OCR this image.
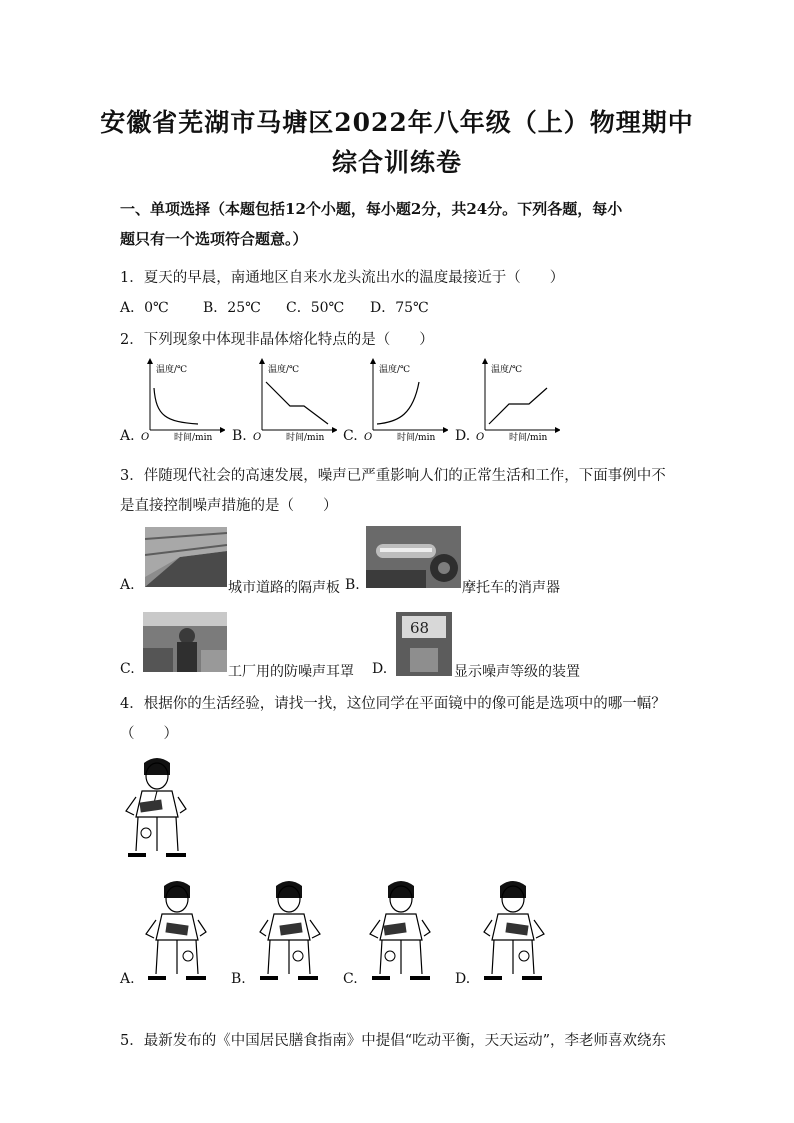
安徽省芜湖市马塘区2022年八年级（上）物理期中
综合训练卷
一、单项选择（本题包括12个小题，每小题2分，共24分。下列各题，每小
题只有一个选项符合题意。）
1．夏天的早晨，南通地区自来水龙头流出水的温度最接近于（　　）
A．0℃ B．25℃ C．50℃ D．75℃
2．下列现象中体现非晶体熔化特点的是（　　）
A.
温度/℃
O	时间/min B.
温度/℃
O	时间/min C.
温度/℃
O	时间/min D.
温度/℃
O	时间/min
3．伴随现代社会的高速发展，噪声已严重影响人们的正常生活和工作，下面事例中不
是直接控制噪声措施的是（　　）
A.	城市道路的隔声板 B.	摩托车的消声器
C.	工厂用的防噪声耳罩 D.
68
显示噪声等级的装置
4．根据你的生活经验，请找一找，这位同学在平面镜中的像可能是选项中的哪一幅？
（　　）
A.	B.	C.	D.
5．最新发布的《中国居民膳食指南》中提倡“吃动平衡，天天运动”，李老师喜欢绕东
